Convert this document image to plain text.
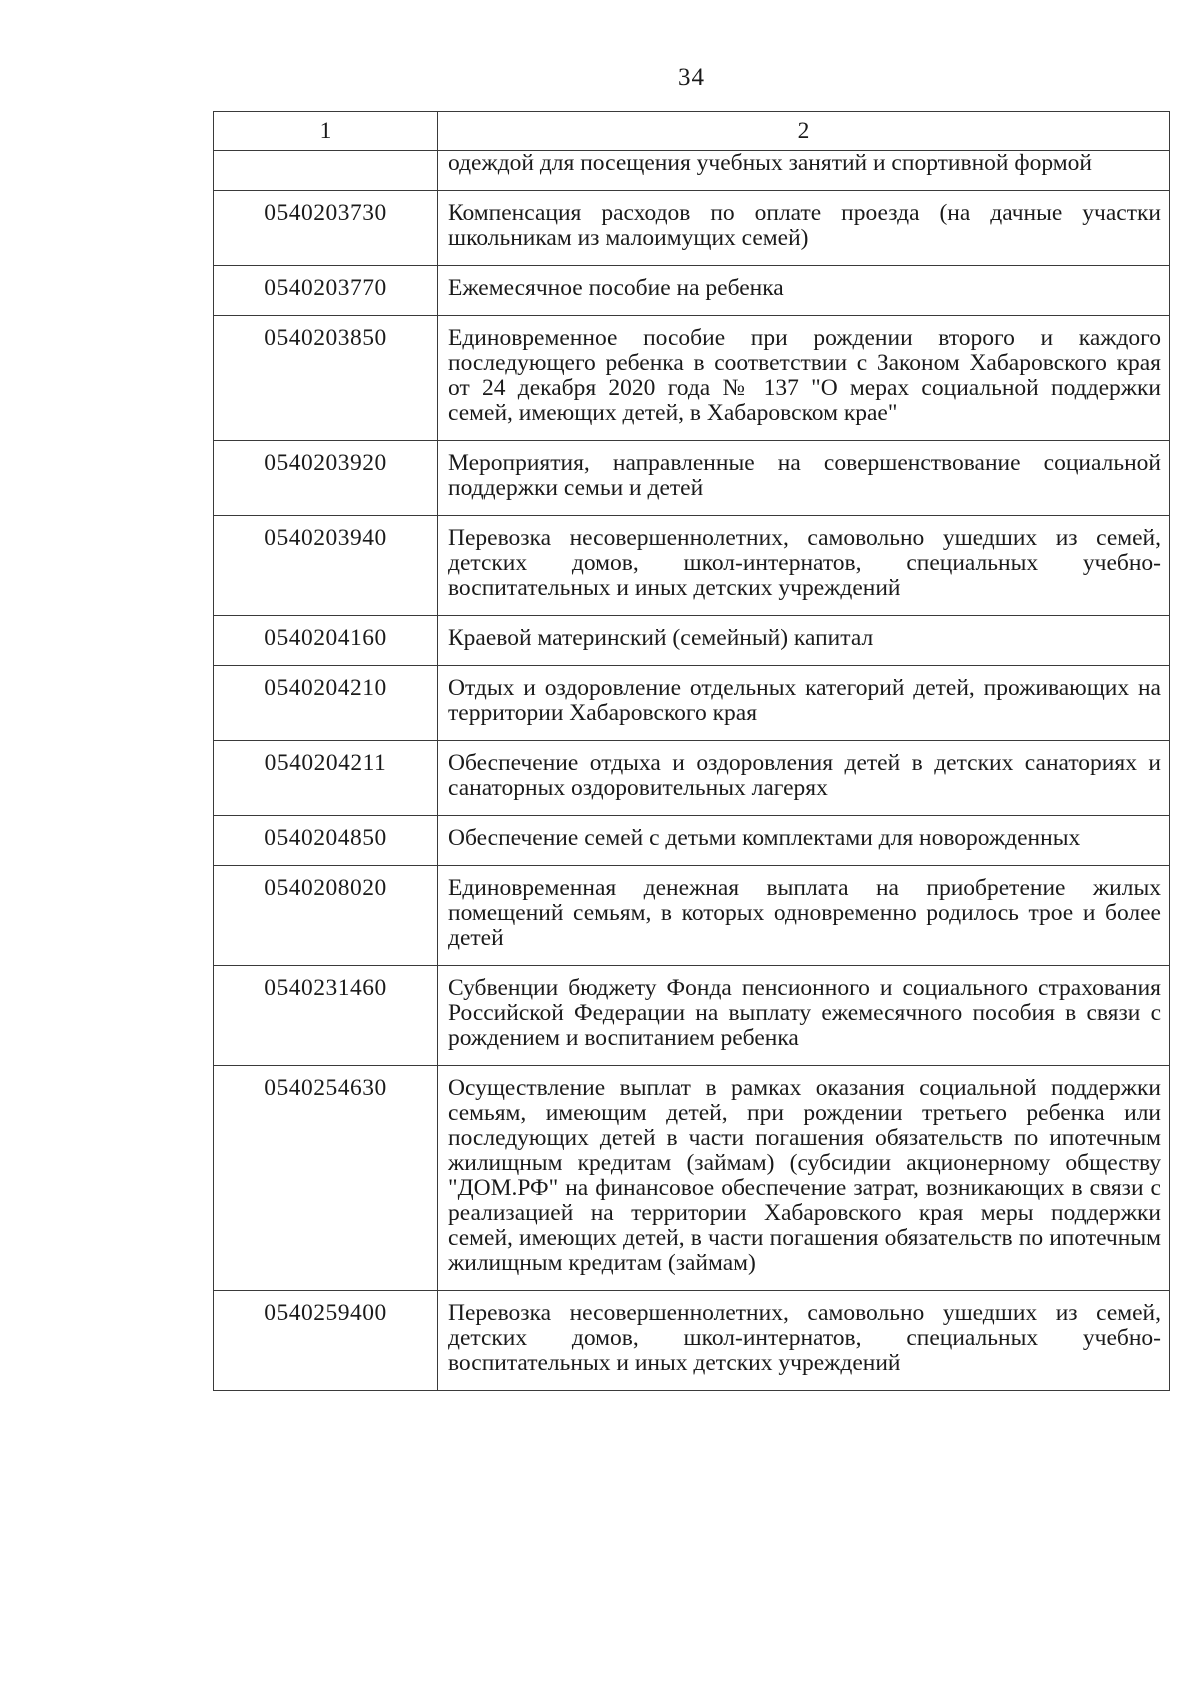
34
1	2
	одеждой для посещения учебных занятий и спортивной формой
0540203730	Компенсация расходов по оплате проезда (на дачные участки школьникам из малоимущих семей)
0540203770	Ежемесячное пособие на ребенка
0540203850	Единовременное пособие при рождении второго и каждого последующего ребенка в соответствии с Законом Хабаровского края от 24 декабря 2020 года № 137 "О мерах социальной поддержки семей, имеющих детей, в Хабаровском крае"
0540203920	Мероприятия, направленные на совершенствование социальной поддержки семьи и детей
0540203940	Перевозка несовершеннолетних, самовольно ушедших из семей, детских домов, школ-интернатов, специальных учебно-воспитательных и иных детских учреждений
0540204160	Краевой материнский (семейный) капитал
0540204210	Отдых и оздоровление отдельных категорий детей, проживающих на территории Хабаровского края
0540204211	Обеспечение отдыха и оздоровления детей в детских санаториях и санаторных оздоровительных лагерях
0540204850	Обеспечение семей с детьми комплектами для новорожденных
0540208020	Единовременная денежная выплата на приобретение жилых помещений семьям, в которых одновременно родилось трое и более детей
0540231460	Субвенции бюджету Фонда пенсионного и социального страхования Российской Федерации на выплату ежемесячного пособия в связи с рождением и воспитанием ребенка
0540254630	Осуществление выплат в рамках оказания социальной поддержки семьям, имеющим детей, при рождении третьего ребенка или последующих детей в части погашения обязательств по ипотечным жилищным кредитам (займам) (субсидии акционерному обществу "ДОМ.РФ" на финансовое обеспечение затрат, возникающих в связи с реализацией на территории Хабаровского края меры поддержки семей, имеющих детей, в части погашения обязательств по ипотечным жилищным кредитам (займам)
0540259400	Перевозка несовершеннолетних, самовольно ушедших из семей, детских домов, школ-интернатов, специальных учебно-воспитательных и иных детских учреждений
